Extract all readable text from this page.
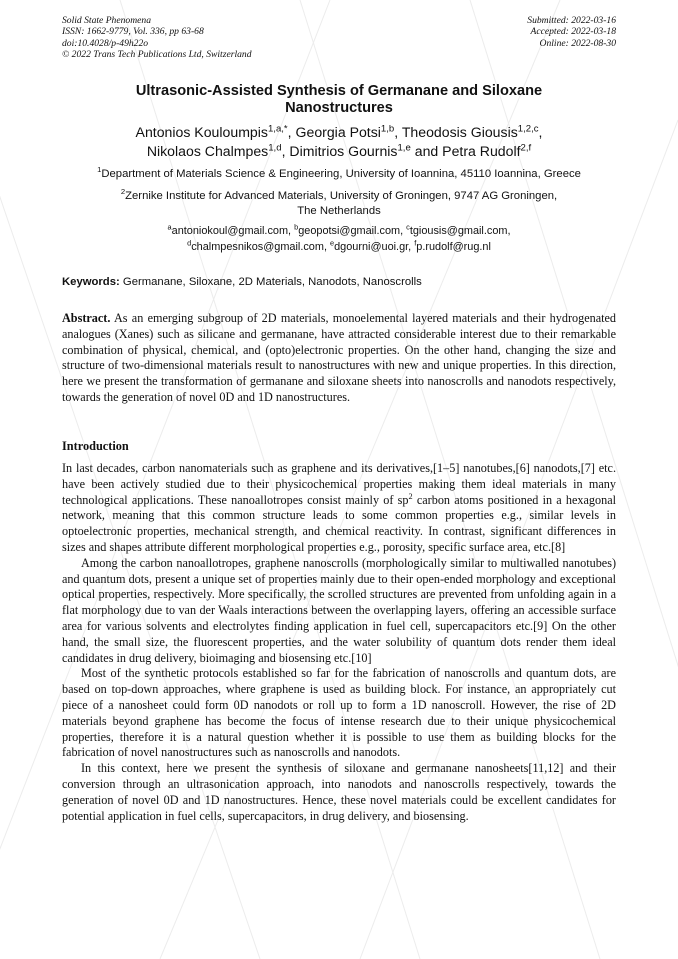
Solid State Phenomena
ISSN: 1662-9779, Vol. 336, pp 63-68
doi:10.4028/p-49h22o
© 2022 Trans Tech Publications Ltd, Switzerland
Submitted: 2022-03-16
Accepted: 2022-03-18
Online: 2022-08-30
Ultrasonic-Assisted Synthesis of Germanane and Siloxane
Nanostructures
Antonios Kouloumpis$^{1,a,*}$, Georgia Potsi$^{1,b}$, Theodosis Giousis$^{1,2,c}$,
Nikolaos Chalmpes$^{1,d}$, Dimitrios Gournis$^{1,e}$ and Petra Rudolf$^{2,f}$
$^1$Department of Materials Science & Engineering, University of Ioannina, 45110 Ioannina, Greece
$^2$Zernike Institute for Advanced Materials, University of Groningen, 9747 AG Groningen,
The Netherlands
$^a$antoniokoul@gmail.com, $^b$geopotsi@gmail.com, $^c$tgiousis@gmail.com,
$^d$chalmpesnikos@gmail.com, $^e$dgourni@uoi.gr, $^f$p.rudolf@rug.nl
Keywords: Germanane, Siloxane, 2D Materials, Nanodots, Nanoscrolls

Abstract. As an emerging subgroup of 2D materials, monoelemental layered materials and their hydrogenated analogues (Xanes) such as silicane and germanane, have attracted considerable interest due to their remarkable combination of physical, chemical, and (opto)electronic properties. On the other hand, changing the size and structure of two-dimensional materials result to nanostructures with new and unique properties. In this direction, here we present the transformation of germanane and siloxane sheets into nanoscrolls and nanodots respectively, towards the generation of novel 0D and 1D nanostructures.

Introduction

In last decades, carbon nanomaterials such as graphene and its derivatives,[1–5] nanotubes,[6] nanodots,[7] etc. have been actively studied due to their physicochemical properties making them ideal materials in many technological applications. These nanoallotropes consist mainly of $sp^2$ carbon atoms positioned in a hexagonal network, meaning that this common structure leads to some common properties e.g., similar levels in optoelectronic properties, mechanical strength, and chemical reactivity. In contrast, significant differences in sizes and shapes attribute different morphological properties e.g., porosity, specific surface area, etc.[8]

Among the carbon nanoallotropes, graphene nanoscrolls (morphologically similar to multiwalled nanotubes) and quantum dots, present a unique set of properties mainly due to their open-ended morphology and exceptional optical properties, respectively. More specifically, the scrolled structures are prevented from unfolding again in a flat morphology due to van der Waals interactions between the overlapping layers, offering an accessible surface area for various solvents and electrolytes finding application in fuel cell, supercapacitors etc.[9] On the other hand, the small size, the fluorescent properties, and the water solubility of quantum dots render them ideal candidates in drug delivery, bioimaging and biosensing etc.[10]

Most of the synthetic protocols established so far for the fabrication of nanoscrolls and quantum dots, are based on top-down approaches, where graphene is used as building block. For instance, an appropriately cut piece of a nanosheet could form 0D nanodots or roll up to form a 1D nanoscroll. However, the rise of 2D materials beyond graphene has become the focus of intense research due to their unique physicochemical properties, therefore it is a natural question whether it is possible to use them as building blocks for the fabrication of novel nanostructures such as nanoscrolls and nanodots.

In this context, here we present the synthesis of siloxane and germanane nanosheets[11,12] and their conversion through an ultrasonication approach, into nanodots and nanoscrolls respectively, towards the generation of novel 0D and 1D nanostructures. Hence, these novel materials could be excellent candidates for potential application in fuel cells, supercapacitors, in drug delivery, and biosensing.
